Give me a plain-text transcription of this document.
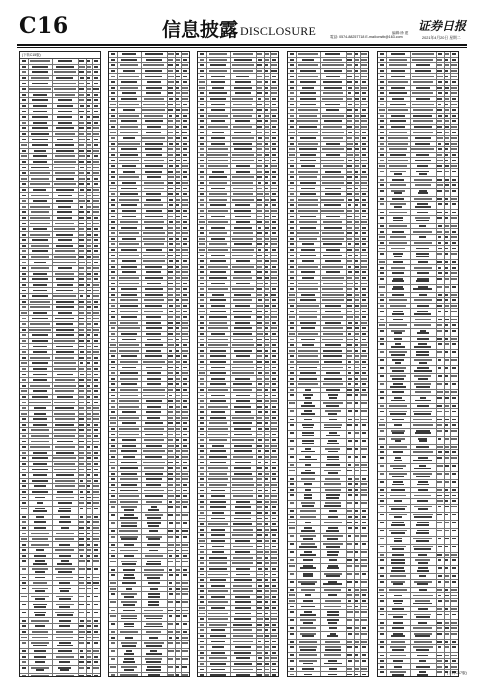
C16	信息披露 DISCLOSURE	電話: 0574-88257718 E-mail:cnstb@163.com
编辑:徐 建 证券日报
2021年4月20日 星期二
(下转C15版)
(下转C17版)
